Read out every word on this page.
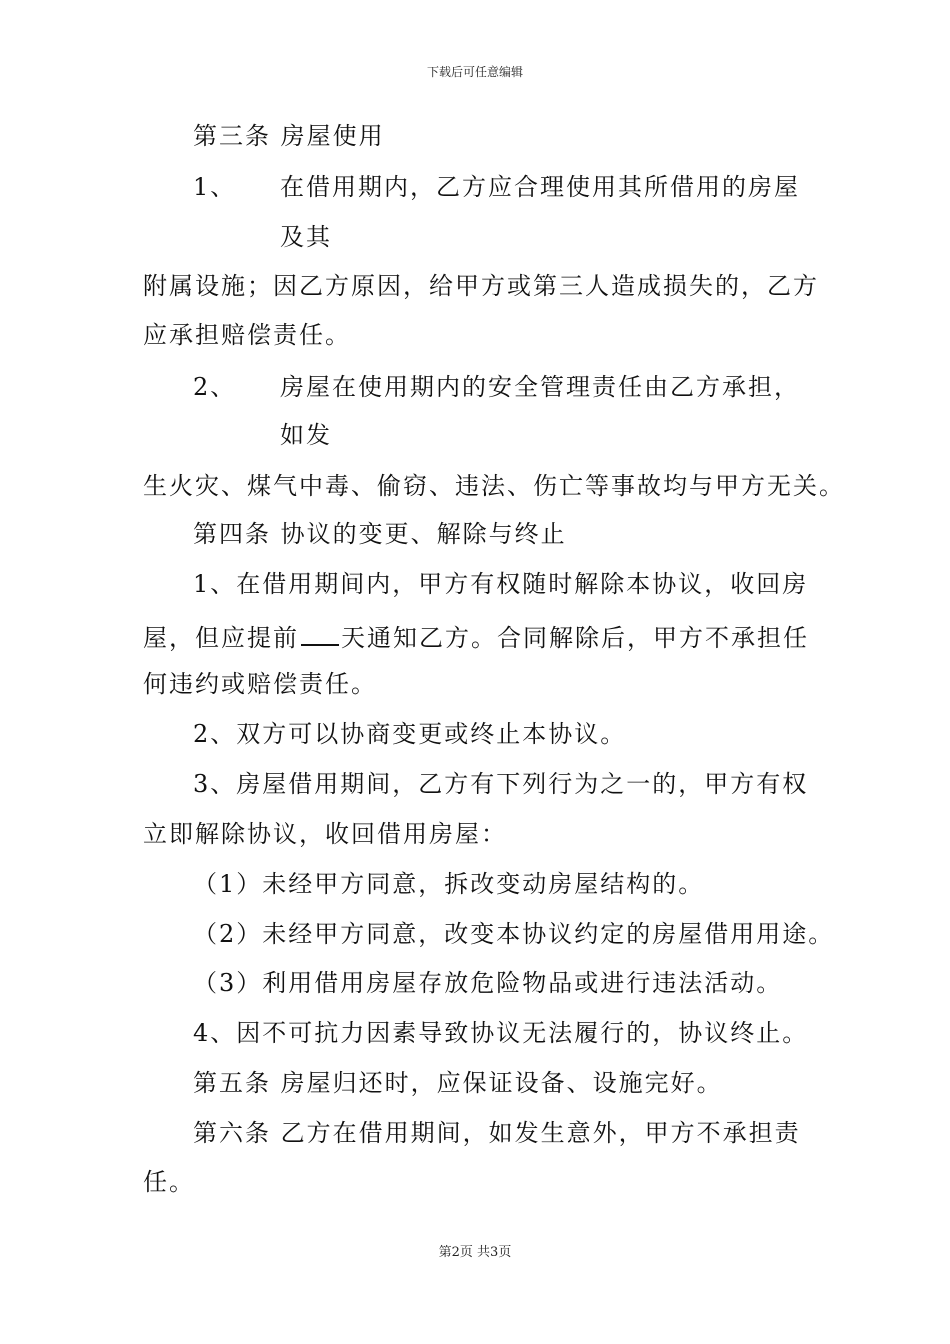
下载后可任意编辑
第三条 房屋使用
1、 在借用期内，乙方应合理使用其所借用的房屋
及其
附属设施；因乙方原因，给甲方或第三人造成损失的，乙方
应承担赔偿责任。
2、 房屋在使用期内的安全管理责任由乙方承担，
如发
生火灾、煤气中毒、偷窃、违法、伤亡等事故均与甲方无关。
第四条 协议的变更、解除与终止
1、在借用期间内，甲方有权随时解除本协议，收回房
屋，但应提前 天通知乙方。合同解除后，甲方不承担任
何违约或赔偿责任。
2、双方可以协商变更或终止本协议。
3、房屋借用期间，乙方有下列行为之一的，甲方有权
立即解除协议，收回借用房屋：
（1）未经甲方同意，拆改变动房屋结构的。
（2）未经甲方同意，改变本协议约定的房屋借用用途。
（3）利用借用房屋存放危险物品或进行违法活动。
4、因不可抗力因素导致协议无法履行的，协议终止。
第五条 房屋归还时，应保证设备、设施完好。
第六条 乙方在借用期间，如发生意外，甲方不承担责
任。
第2页 共3页
